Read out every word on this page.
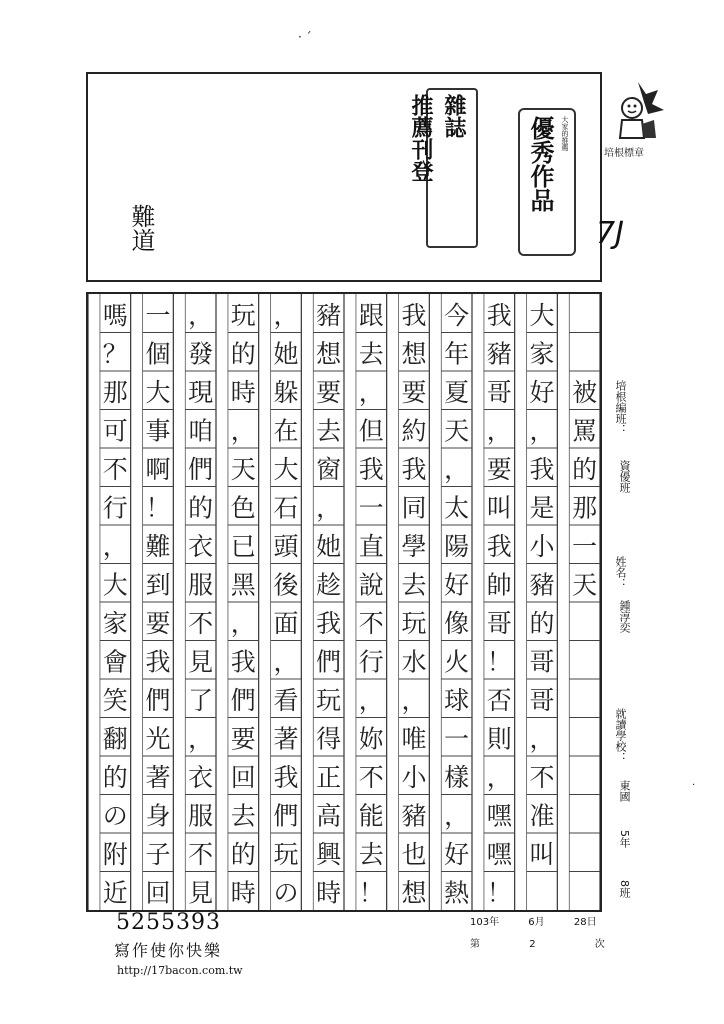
· ´
雜誌
推薦刊登	大家的推薦
優秀作品
難道
培根標章
7J
被
罵
的
那
一
天
大
家
好
，
我
是
小
豬
的
哥
哥
，
不
准
叫
我
豬
哥
，
要
叫
我
帥
哥
！
否
則
，
嘿
嘿
！
今
年
夏
天
，
太
陽
好
像
火
球
一
樣
，
好
熱
我
想
要
約
我
同
學
去
玩
水
，
唯
小
豬
也
想
跟
去
，
但
我
一
直
說
不
行
，
妳
不
能
去
！
豬
想
要
去
窗
，
她
趁
我
們
玩
得
正
高
興
時
，
她
躲
在
大
石
頭
後
面
，
看
著
我
們
玩
の
玩
的
時
，
天
色
已
黑
，
我
們
要
回
去
的
時
，
發
現
咱
們
的
衣
服
不
見
了
，
衣
服
不
見
一
個
大
事
啊
！
難
到
要
我
們
光
著
身
子
回
嗎
？
那
可
不
行
，
大
家
會
笑
翻
的
の
附
近
培根編班：
資優班
姓名：
鍾淳奕
就讀學校：
東國
5年
8班
·
103年	6月	28日
第	2	次
5255393
寫作使你快樂
http://17bacon.com.tw
